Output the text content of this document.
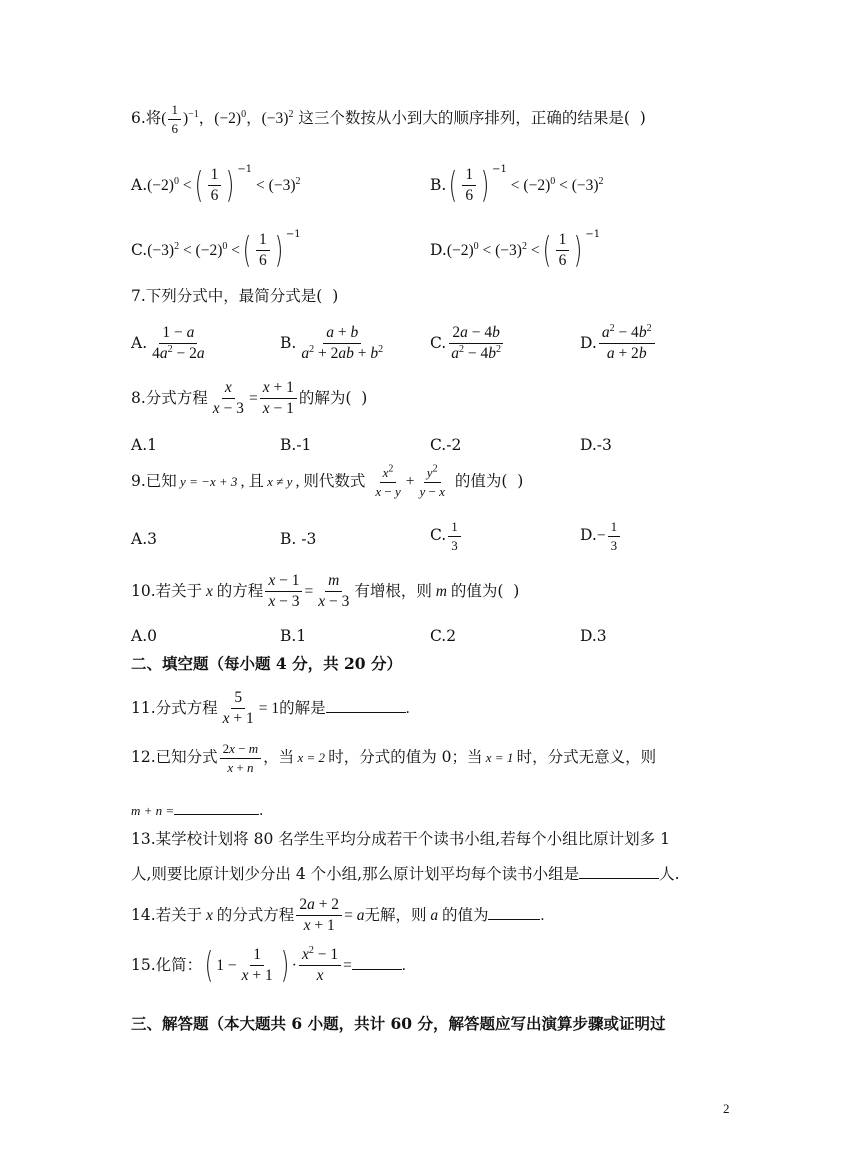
6.将( $\frac{1}{6} )^{-1}$，$(-2)^0$，$(-3)^2$ 这三个数按从小到大的顺序排列，正确的结果是(  )
$A.(-2)^0$ <( $\frac{1}{6}$ ) $^{-1} < (-3)^2$	$B.( \frac{1}{6}$ ) $^{-1} < (-2)^0 < (-3)^2$
$C.(-3)^2 < (-2)^0$ <( $\frac{1}{6}$ ) $^{-1}$
$D.(-2)^0 < (-3)^2$ <( $\frac{1}{6}$ ) $^{-1}$
7.下列分式中，最简分式是(  )
A. $\frac{1 - a}{4a^2 - 2a}$	B. $\frac{a + b}{a^2 + 2ab + b^2}$	C. $\frac{2a - 4b}{a^2 - 4b^2}$	D. $\frac{a^2 - 4b^2}{a + 2b}$
8.分式方程 $\frac{x}{x - 3} = \frac{x + 1}{x - 1}$ 的解为(  )
A.1	B.-1	C.-2	D.-3
9.已知 y = −x + 3 , 且 x ≠ y , 则代数式 $\frac{x^2}{x - y} + \frac{y^2}{y - x}$ 的值为(  )
A.3	B. -3	C. $\frac{1}{3}$	$D.- \frac{1}{3}$
10.若关于 x 的方程 $\frac{x - 1}{x - 3} = \frac{m}{x - 3}$ 有增根，则 m 的值为(  )
A.0	B.1	C.2	D.3
二、填空题（每小题 4 分，共 20 分）
11.分式方程 $\frac{5}{x + 1} = 1$的解是	.
12.已知分式 $\frac{2x - m}{x + n}$ ，当 x = 2 时，分式的值为 0；当 x = 1 时，分式无意义，则
m + n =	.
13.某学校计划将 80 名学生平均分成若干个读书小组,若每个小组比原计划多 1
人,则要比原计划少分出 4 个小组,那么原计划平均每个读书小组是	人.
14.若关于 x 的分式方程 $\frac{2a + 2}{x + 1} = a$无解，则 a 的值为	.
15.化简：( $1 - \frac{1}{x + 1}$ ) · $\frac{x^2 - 1}{x}$ =	.
三、解答题（本大题共 6 小题，共计 60 分，解答题应写出演算步骤或证明过
2
